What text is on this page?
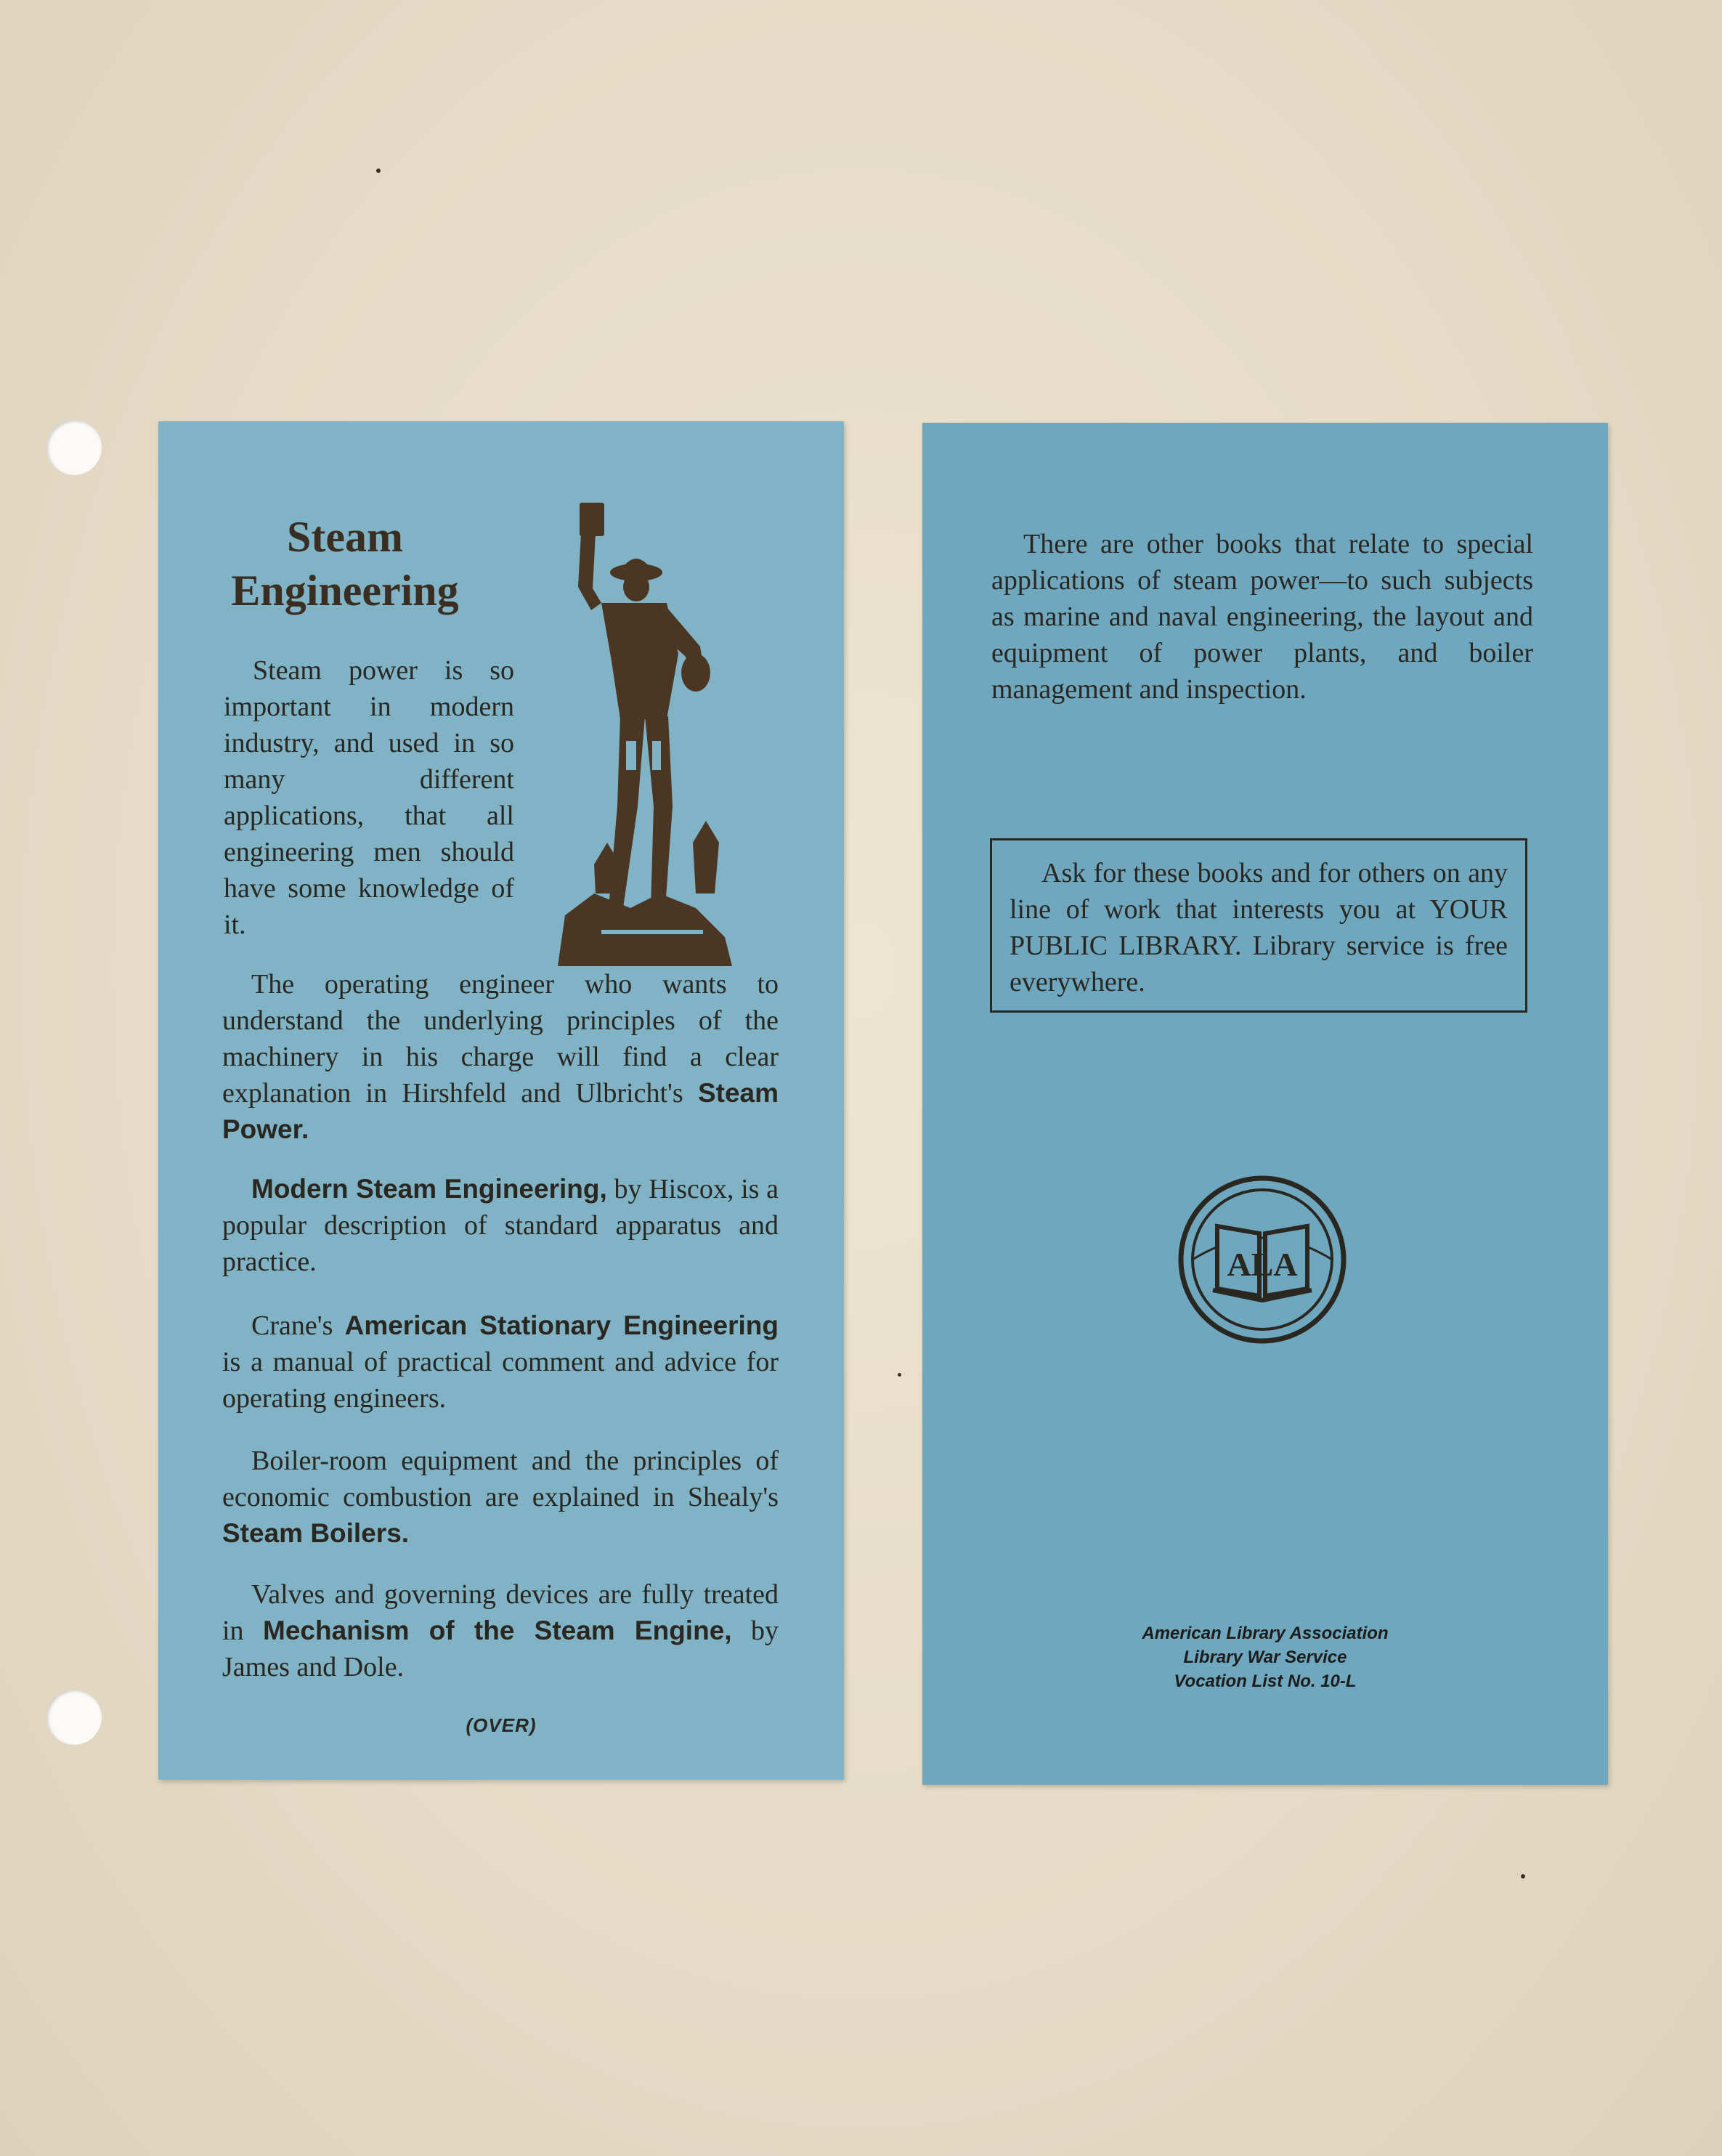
Steam
Engineering

Steam power is so important in modern industry, and used in so many different applications, that all engineering men should have some knowledge of it.

The operating engineer who wants to understand the underlying principles of the machinery in his charge will find a clear explanation in Hirshfeld and Ulbricht's Steam Power.

Modern Steam Engineering, by Hiscox, is a popular description of standard apparatus and practice.

Crane's American Stationary Engineering is a manual of practical comment and advice for operating engineers.

Boiler-room equipment and the principles of economic combustion are explained in Shealy's Steam Boilers.

Valves and governing devices are fully treated in Mechanism of the Steam Engine, by James and Dole.

(OVER)

There are other books that relate to special applications of steam power—to such subjects as marine and naval engineering, the layout and equipment of power plants, and boiler management and inspection.

Ask for these books and for others on any line of work that interests you at YOUR PUBLIC LIBRARY. Library service is free everywhere.

ALA
American Library Association
Library War Service
Vocation List No. 10-L
